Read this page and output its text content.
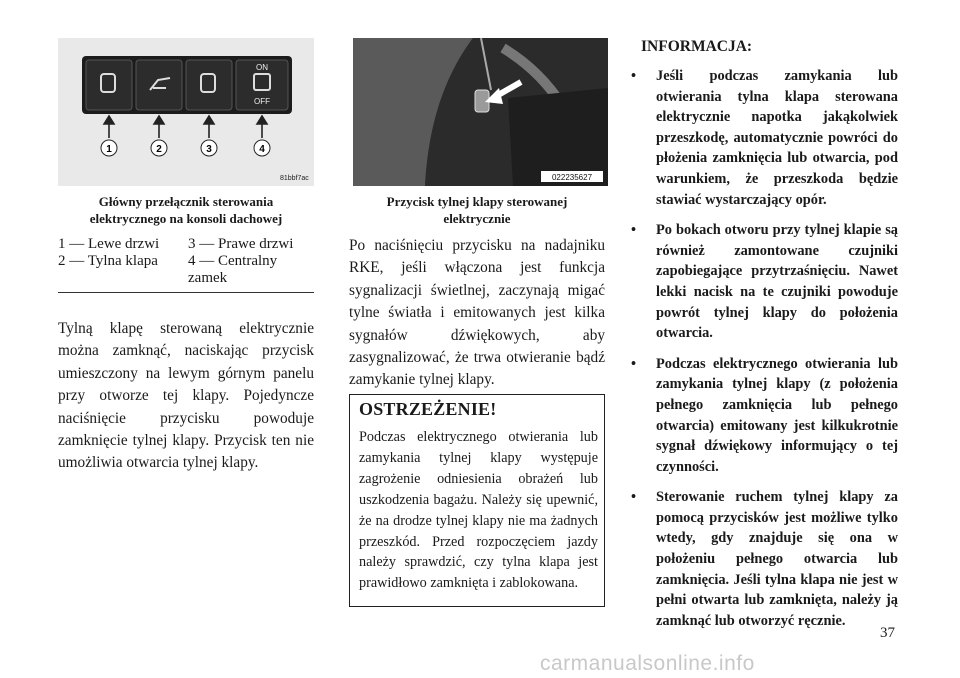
ON
OFF
1	2	3	4
81bbf7ac
Główny przełącznik sterowania
elektrycznego na konsoli dachowej
1 — Lewe drzwi	3 — Prawe drzwi
2 — Tylna klapa	4 — Centralny
zamek
Tylną klapę sterowaną elektrycznie można zamknąć, naciskając przycisk umieszczony na lewym górnym panelu przy otworze tej klapy. Pojedyncze naciśnięcie przycisku powoduje zamknięcie tylnej klapy. Przycisk ten nie umożliwia otwarcia tylnej klapy.
022235627
Przycisk tylnej klapy sterowanej
elektrycznie
Po naciśnięciu przycisku na nadajniku RKE, jeśli włączona jest funkcja sygnalizacji świetlnej, zaczynają migać tylne światła i emitowanych jest kilka sygnałów dźwiękowych, aby zasygnalizować, że trwa otwieranie bądź zamykanie tylnej klapy.
OSTRZEŻENIE!

Podczas elektrycznego otwierania lub zamykania tylnej klapy występuje zagrożenie odniesienia obrażeń lub uszkodzenia bagażu. Należy się upewnić, że na drodze tylnej klapy nie ma żadnych przeszkód. Przed rozpoczęciem jazdy należy sprawdzić, czy tylna klapa jest prawidłowo zamknięta i zablokowana.

INFORMACJA:
• Jeśli podczas zamykania lub otwierania tylna klapa sterowana elektrycznie napotka jakąkolwiek przeszkodę, automatycznie powróci do płożenia zamknięcia lub otwarcia, pod warunkiem, że przeszkoda będzie stawiać wystarczający opór.
• Po bokach otworu przy tylnej klapie są również zamontowane czujniki zapobiegające przytrzaśnięciu. Nawet lekki nacisk na te czujniki powoduje powrót tylnej klapy do położenia otwarcia.
• Podczas elektrycznego otwierania lub zamykania tylnej klapy (z położenia pełnego zamknięcia lub pełnego otwarcia) emitowany jest kilkukrotnie sygnał dźwiękowy informujący o tej czynności.
• Sterowanie ruchem tylnej klapy za pomocą przycisków jest możliwe tylko wtedy, gdy znajduje się ona w położeniu pełnego otwarcia lub zamknięcia. Jeśli tylna klapa nie jest w pełni otwarta lub zamknięta, należy ją zamknąć lub otworzyć ręcznie.
37
carmanualsonline.info
